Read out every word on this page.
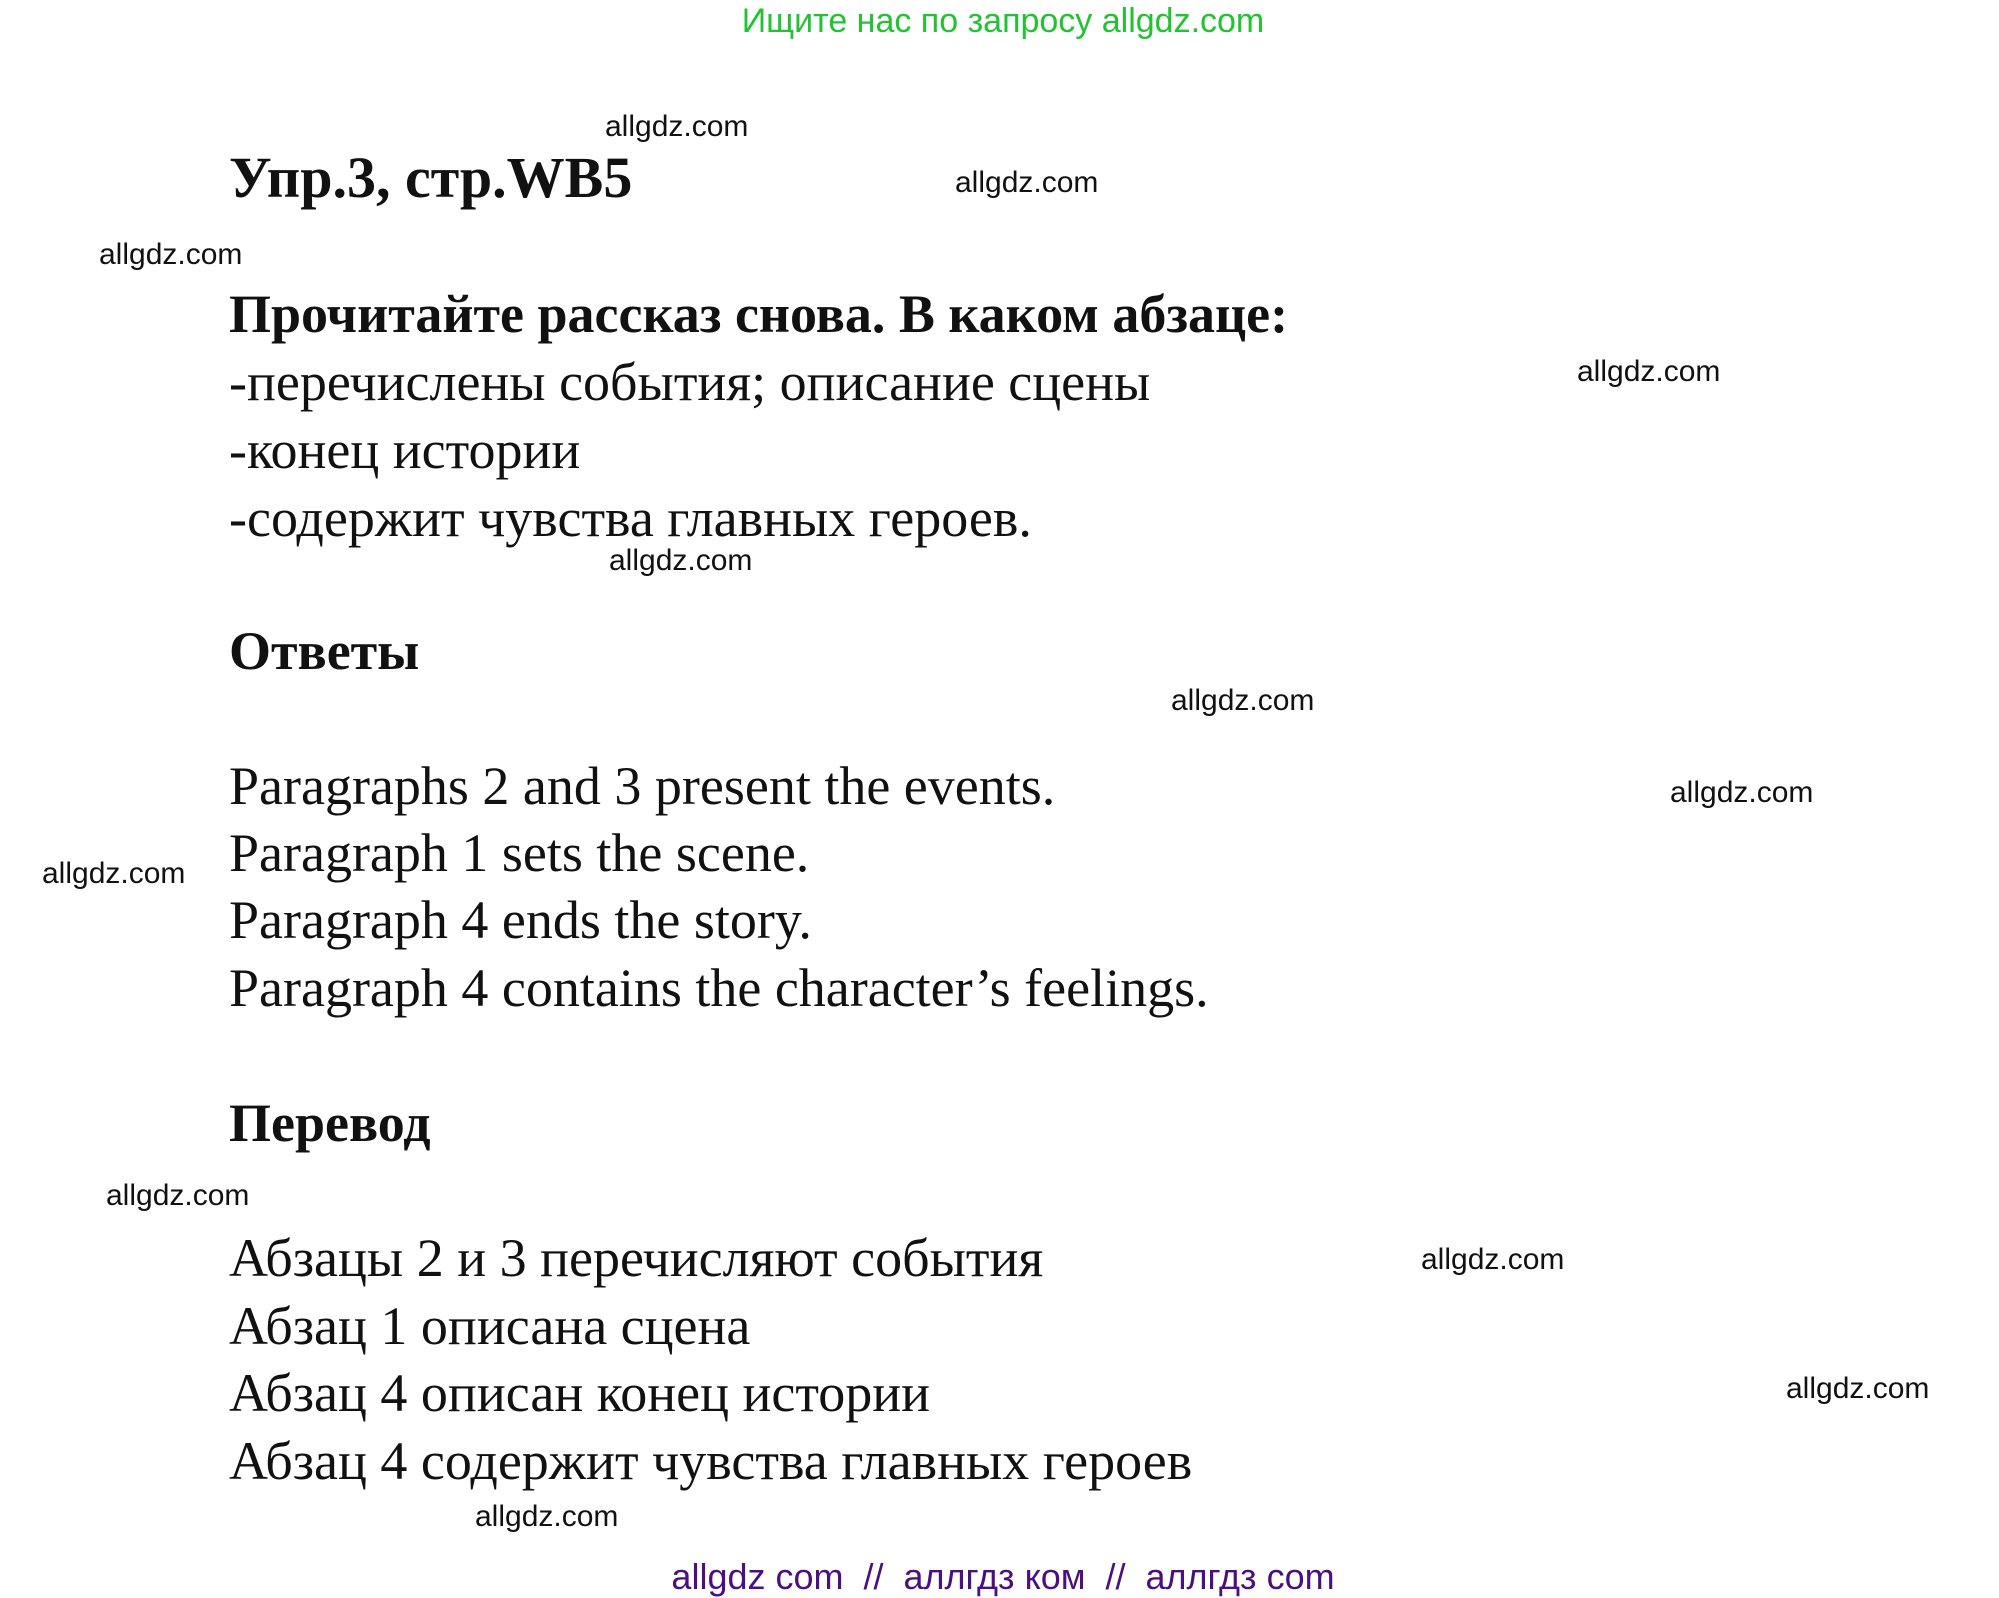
Ищите нас по запросу allgdz.com
Упр.3, стр.WB5
Прочитайте рассказ снова. В каком абзаце:
-перечислены события; описание сцены
-конец истории
-содержит чувства главных героев.
Ответы
Paragraphs 2 and 3 present the events.
Paragraph 1 sets the scene.
Paragraph 4 ends the story.
Paragraph 4 contains the character’s feelings.
Перевод
Абзацы 2 и 3 перечисляют события
Абзац 1 описана сцена
Абзац 4 описан конец истории
Абзац 4 содержит чувства главных героев
allgdz.com
allgdz.com
allgdz.com
allgdz.com
allgdz.com
allgdz.com
allgdz.com
allgdz.com
allgdz.com
allgdz.com
allgdz.com
allgdz.com
allgdz com  //  аллгдз ком  //  аллгдз com
